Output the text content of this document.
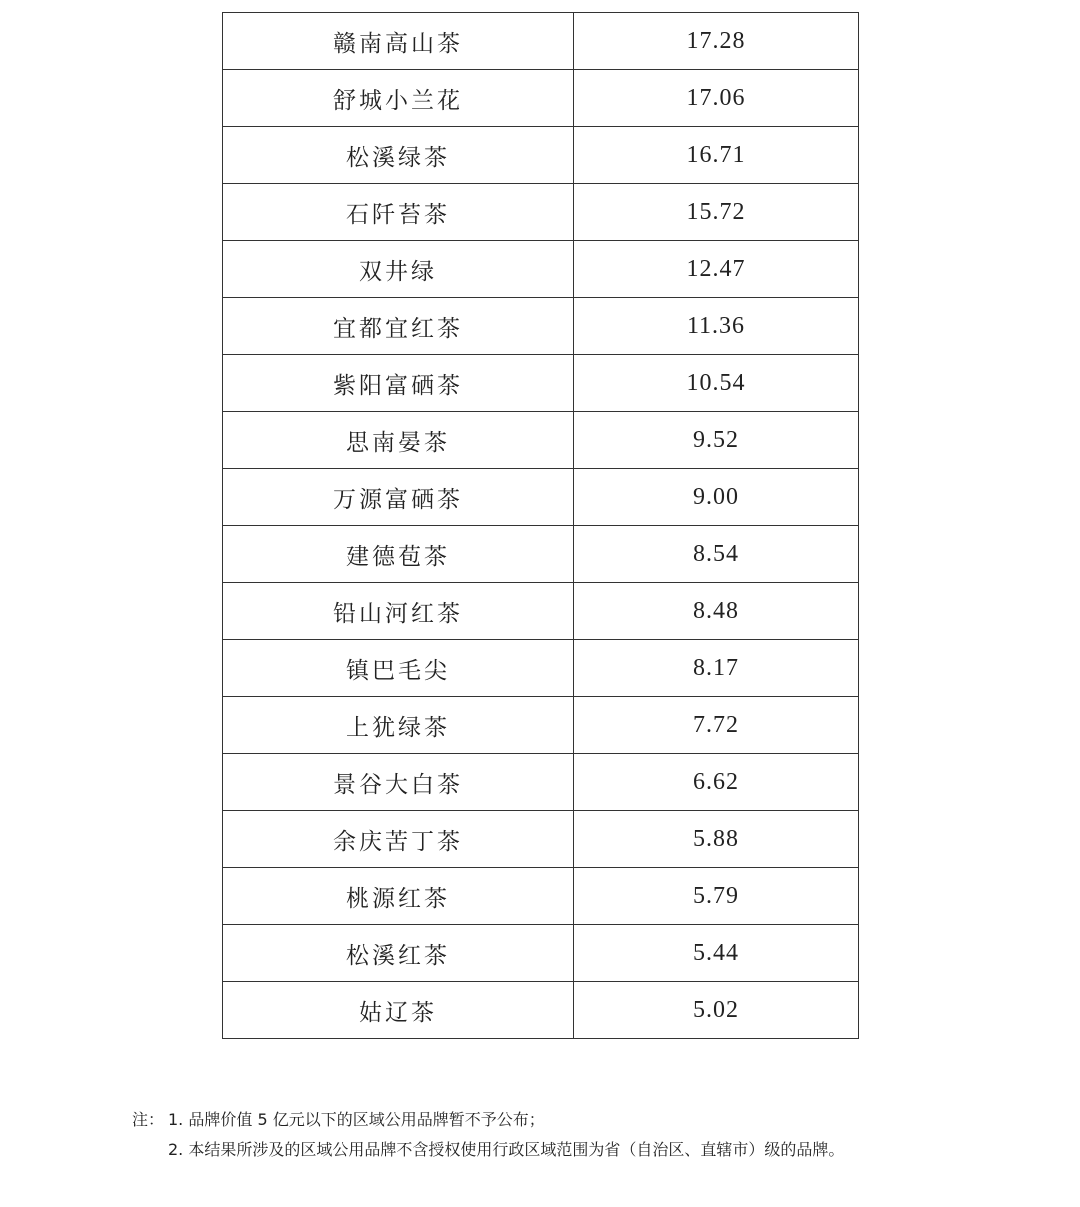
赣南高山茶	17.28
舒城小兰花	17.06
松溪绿茶	16.71
石阡苔茶	15.72
双井绿	12.47
宜都宜红茶	11.36
紫阳富硒茶	10.54
思南晏茶	9.52
万源富硒茶	9.00
建德苞茶	8.54
铅山河红茶	8.48
镇巴毛尖	8.17
上犹绿茶	7.72
景谷大白茶	6.62
余庆苦丁茶	5.88
桃源红茶	5.79
松溪红茶	5.44
姑辽茶	5.02
注： 1. 品牌价值 5 亿元以下的区域公用品牌暂不予公布；
2. 本结果所涉及的区域公用品牌不含授权使用行政区域范围为省（自治区、直辖市）级的品牌。
